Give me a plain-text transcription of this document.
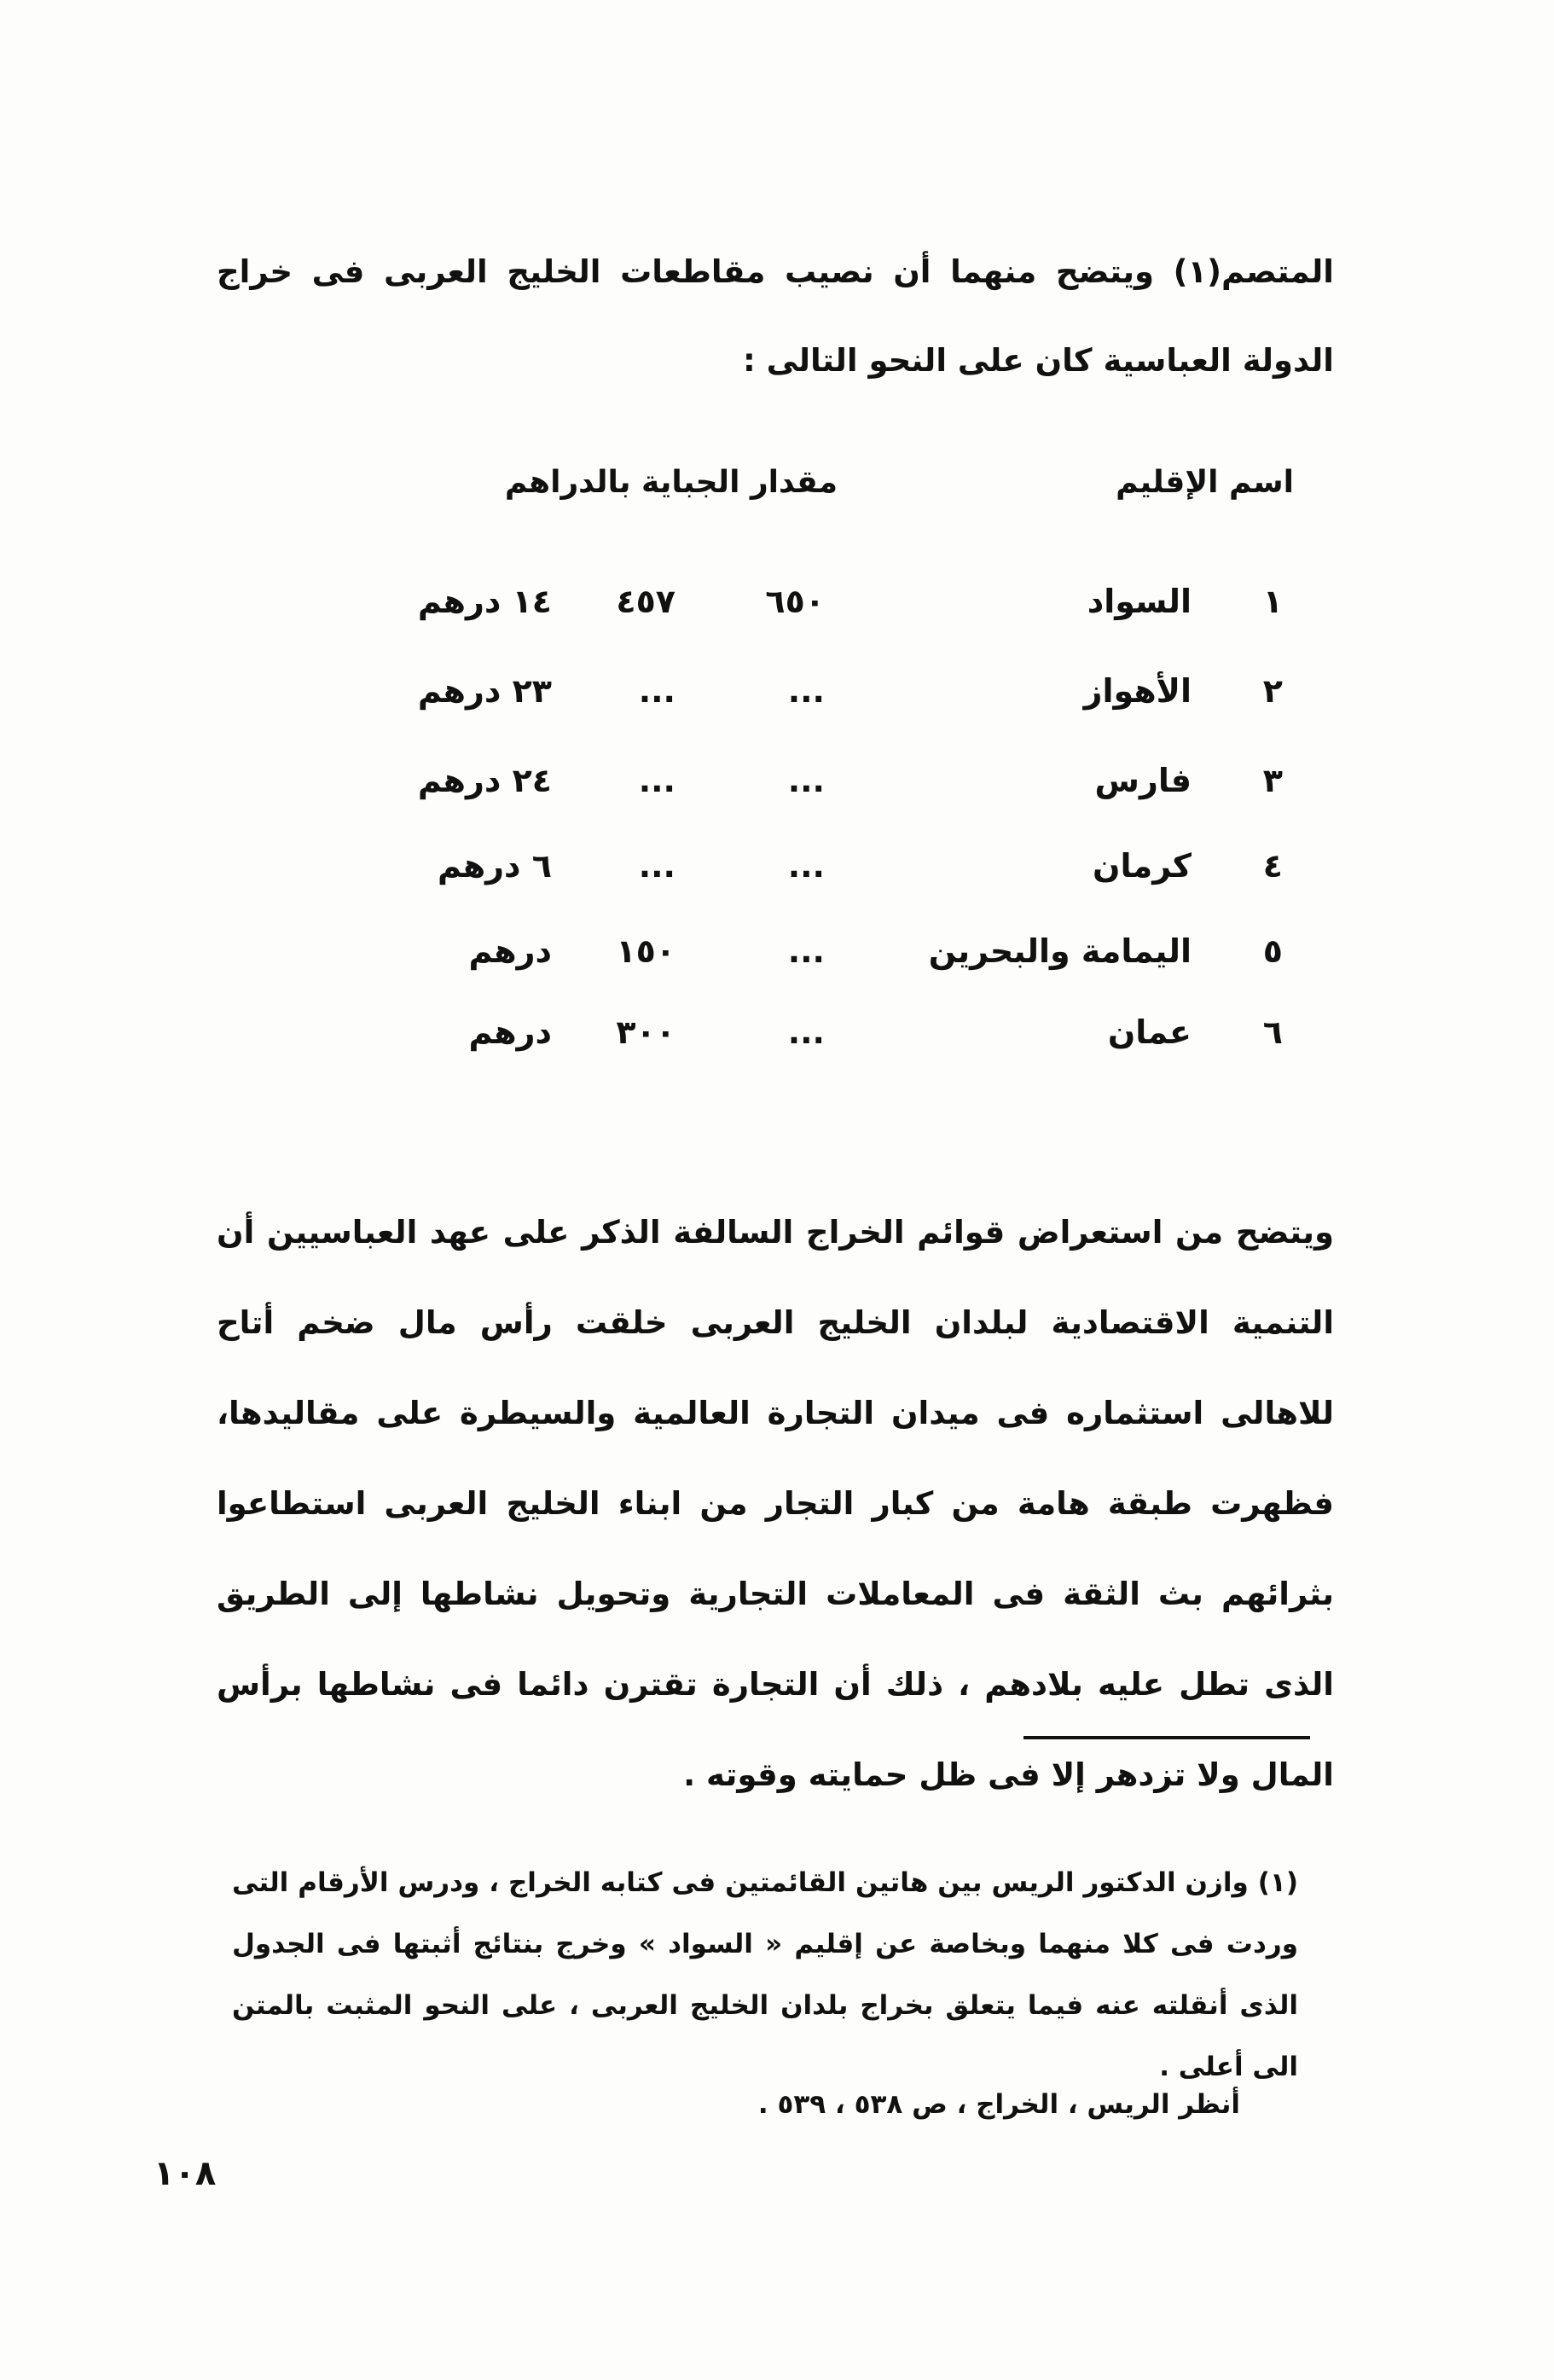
المتصم(١) ويتضح منهما أن نصيب مقاطعات الخليج العربى فى خراج الدولة العباسية كان على النحو التالى :

اسم الإقليم
مقدار الجباية بالدراهم
١
السواد
٦٥٠
٤٥٧
١٤ درهم
٢
الأهواز
...
...
٢٣ درهم
٣
فارس
...
...
٢٤ درهم
٤
كرمان
...
...
٦ درهم
٥
اليمامة والبحرين
...
١٥٠
درهم
٦
عمان
...
٣٠٠
درهم

ويتضح من استعراض قوائم الخراج السالفة الذكر على عهد العباسيين أن التنمية الاقتصادية لبلدان الخليج العربى خلقت رأس مال ضخم أتاح للاهالى استثماره فى ميدان التجارة العالمية والسيطرة على مقاليدها، فظهرت طبقة هامة من كبار التجار من ابناء الخليج العربى استطاعوا بثرائهم بث الثقة فى المعاملات التجارية وتحويل نشاطها إلى الطريق الذى تطل عليه بلادهم ، ذلك أن التجارة تقترن دائما فى نشاطها برأس المال ولا تزدهر إلا فى ظل حمايته وقوته .

(١) وازن الدكتور الريس بين هاتين القائمتين فى كتابه الخراج ، ودرس الأرقام التى وردت فى كلا منهما وبخاصة عن إقليم « السواد » وخرج بنتائج أثبتها فى الجدول الذى أنقلته عنه فيما يتعلق بخراج بلدان الخليج العربى ، على النحو المثبت بالمتن الى أعلى .

أنظر الريس ، الخراج ، ص ٥٣٨ ، ٥٣٩ .

١٠٨
